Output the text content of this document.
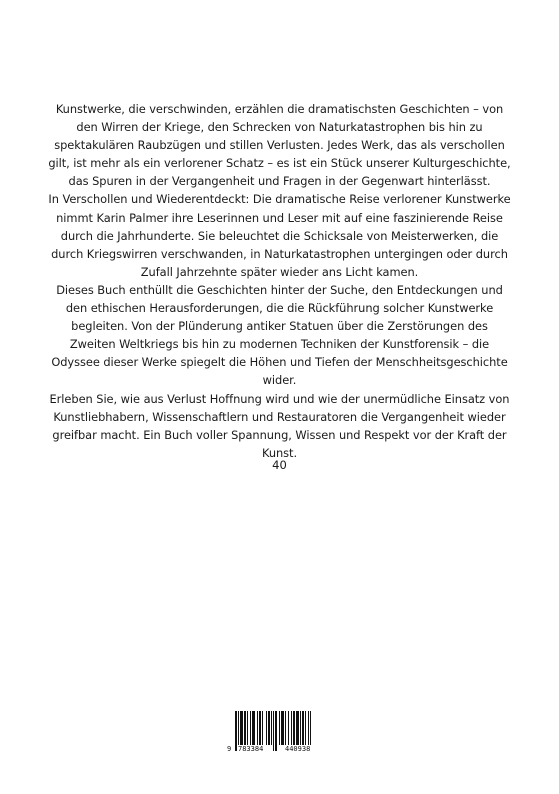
Kunstwerke, die verschwinden, erzählen die dramatischsten Geschichten – von den Wirren der Kriege, den Schrecken von Naturkatastrophen bis hin zu spektakulären Raubzügen und stillen Verlusten. Jedes Werk, das als verschollen gilt, ist mehr als ein verlorener Schatz – es ist ein Stück unserer Kulturgeschichte, das Spuren in der Vergangenheit und Fragen in der Gegenwart hinterlässt.

In Verschollen und Wiederentdeckt: Die dramatische Reise verlorener Kunstwerke nimmt Karin Palmer ihre Leserinnen und Leser mit auf eine faszinierende Reise durch die Jahrhunderte. Sie beleuchtet die Schicksale von Meisterwerken, die durch Kriegswirren verschwanden, in Naturkatastrophen untergingen oder durch Zufall Jahrzehnte später wieder ans Licht kamen.

Dieses Buch enthüllt die Geschichten hinter der Suche, den Entdeckungen und den ethischen Herausforderungen, die die Rückführung solcher Kunstwerke begleiten. Von der Plünderung antiker Statuen über die Zerstörungen des Zweiten Weltkriegs bis hin zu modernen Techniken der Kunstforensik – die Odyssee dieser Werke spiegelt die Höhen und Tiefen der Menschheitsgeschichte wider.

Erleben Sie, wie aus Verlust Hoffnung wird und wie der unermüdliche Einsatz von Kunstliebhabern, Wissenschaftlern und Restauratoren die Vergangenheit wieder greifbar macht. Ein Buch voller Spannung, Wissen und Respekt vor der Kraft der Kunst.

40
9 783384	440938
